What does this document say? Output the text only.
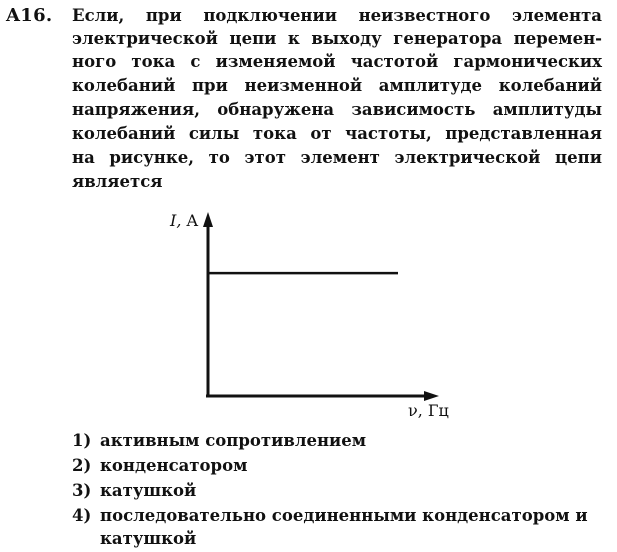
A16. Если, при подключении неизвестного элемента
электрической цепи к выходу генератора перемен-
ного тока с изменяемой частотой гармонических
колебаний при неизменной амплитуде колебаний
напряжения, обнаружена зависимость амплитуды
колебаний силы тока от частоты, представленная
на рисунке, то этот элемент электрической цепи
является
I, A
ν, Гц
1) активным сопротивлением
2) конденсатором
3) катушкой
4) последовательно соединенными конденсатором и
катушкой
